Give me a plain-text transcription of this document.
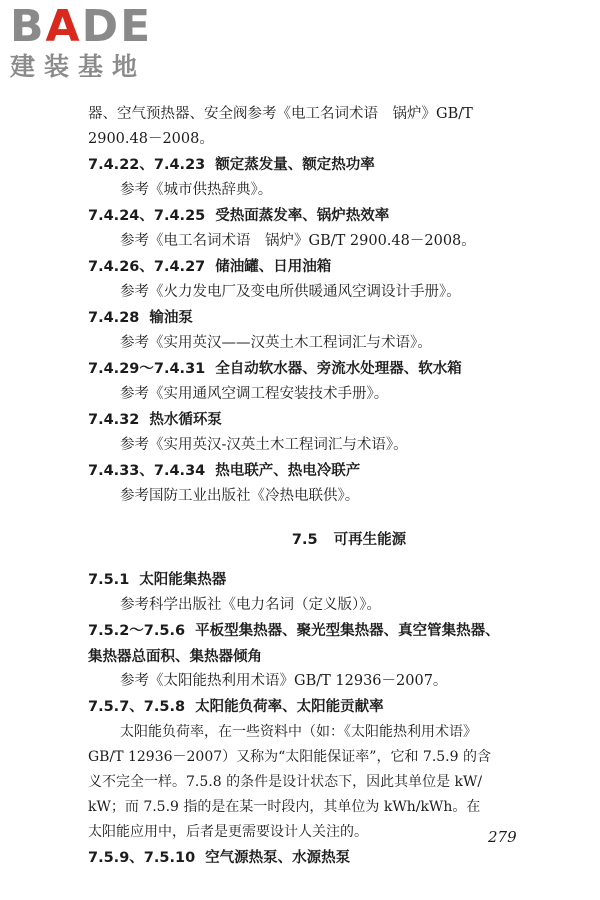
BADE
建装基地
器、空气预热器、安全阀参考《电工名词术语　锅炉》GB/T
2900.48－2008。
7.4.22、7.4.23 额定蒸发量、额定热功率
参考《城市供热辞典》。
7.4.24、7.4.25 受热面蒸发率、锅炉热效率
参考《电工名词术语　锅炉》GB/T 2900.48－2008。
7.4.26、7.4.27 储油罐、日用油箱
参考《火力发电厂及变电所供暖通风空调设计手册》。
7.4.28 输油泵
参考《实用英汉——汉英土木工程词汇与术语》。
7.4.29～7.4.31 全自动软水器、旁流水处理器、软水箱
参考《实用通风空调工程安装技术手册》。
7.4.32 热水循环泵
参考《实用英汉-汉英土木工程词汇与术语》。
7.4.33、7.4.34 热电联产、热电冷联产
参考国防工业出版社《冷热电联供》。
7.5 可再生能源
7.5.1 太阳能集热器
参考科学出版社《电力名词（定义版）》。
7.5.2～7.5.6 平板型集热器、聚光型集热器、真空管集热器、
集热器总面积、集热器倾角
参考《太阳能热利用术语》GB/T 12936－2007。
7.5.7、7.5.8 太阳能负荷率、太阳能贡献率
太阳能负荷率，在一些资料中（如：《太阳能热利用术语》
GB/T 12936－2007）又称为“太阳能保证率”，它和 7.5.9 的含
义不完全一样。7.5.8 的条件是设计状态下，因此其单位是 kW/
kW；而 7.5.9 指的是在某一时段内，其单位为 kWh/kWh。在
太阳能应用中，后者是更需要设计人关注的。
7.5.9、7.5.10 空气源热泵、水源热泵
279
